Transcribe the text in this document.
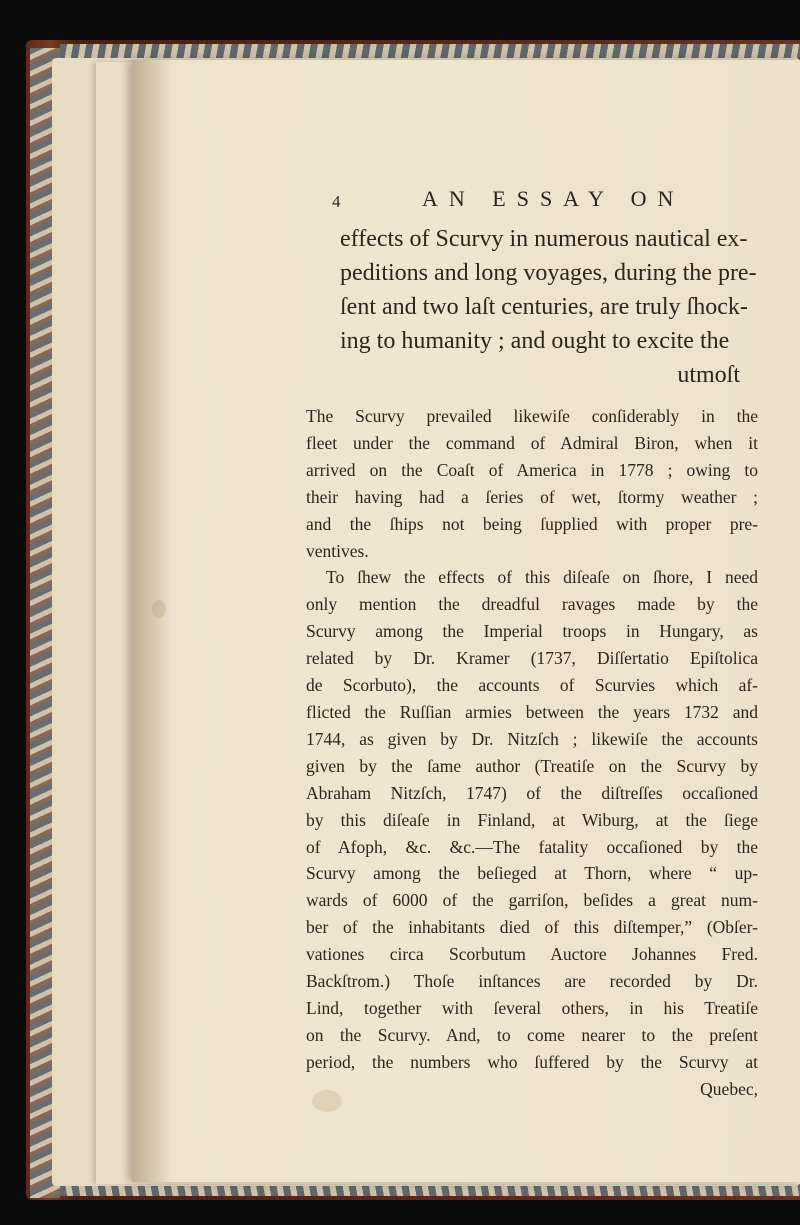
4	AN ESSAY ON
effects of Scurvy in numerous nautical ex-
peditions and long voyages, during the pre-
ſent and two laſt centuries, are truly ſhock-
ing to humanity ; and ought to excite the
utmoſt
The Scurvy prevailed likewiſe conſiderably in the
fleet under the command of Admiral Biron, when it
arrived on the Coaſt of America in 1778 ; owing to
their having had a ſeries of wet, ſtormy weather ;
and the ſhips not being ſupplied with proper pre-
ventives.
To ſhew the effects of this diſeaſe on ſhore, I need
only mention the dreadful ravages made by the
Scurvy among the Imperial troops in Hungary, as
related by Dr. Kramer (1737, Diſſertatio Epiſtolica
de Scorbuto), the accounts of Scurvies which af-
flicted the Ruſſian armies between the years 1732 and
1744, as given by Dr. Nitzſch ; likewiſe the accounts
given by the ſame author (Treatiſe on the Scurvy by
Abraham Nitzſch, 1747) of the diſtreſſes occaſioned
by this diſeaſe in Finland, at Wiburg, at the ſiege
of Afoph, &c. &c.—The fatality occaſioned by the
Scurvy among the beſieged at Thorn, where “ up-
wards of 6000 of the garriſon, beſides a great num-
ber of the inhabitants died of this diſtemper,” (Obſer-
vationes circa Scorbutum Auctore Johannes Fred.
Backſtrom.) Thoſe inſtances are recorded by Dr.
Lind, together with ſeveral others, in his Treatiſe
on the Scurvy. And, to come nearer to the preſent
period, the numbers who ſuffered by the Scurvy at
Quebec,
